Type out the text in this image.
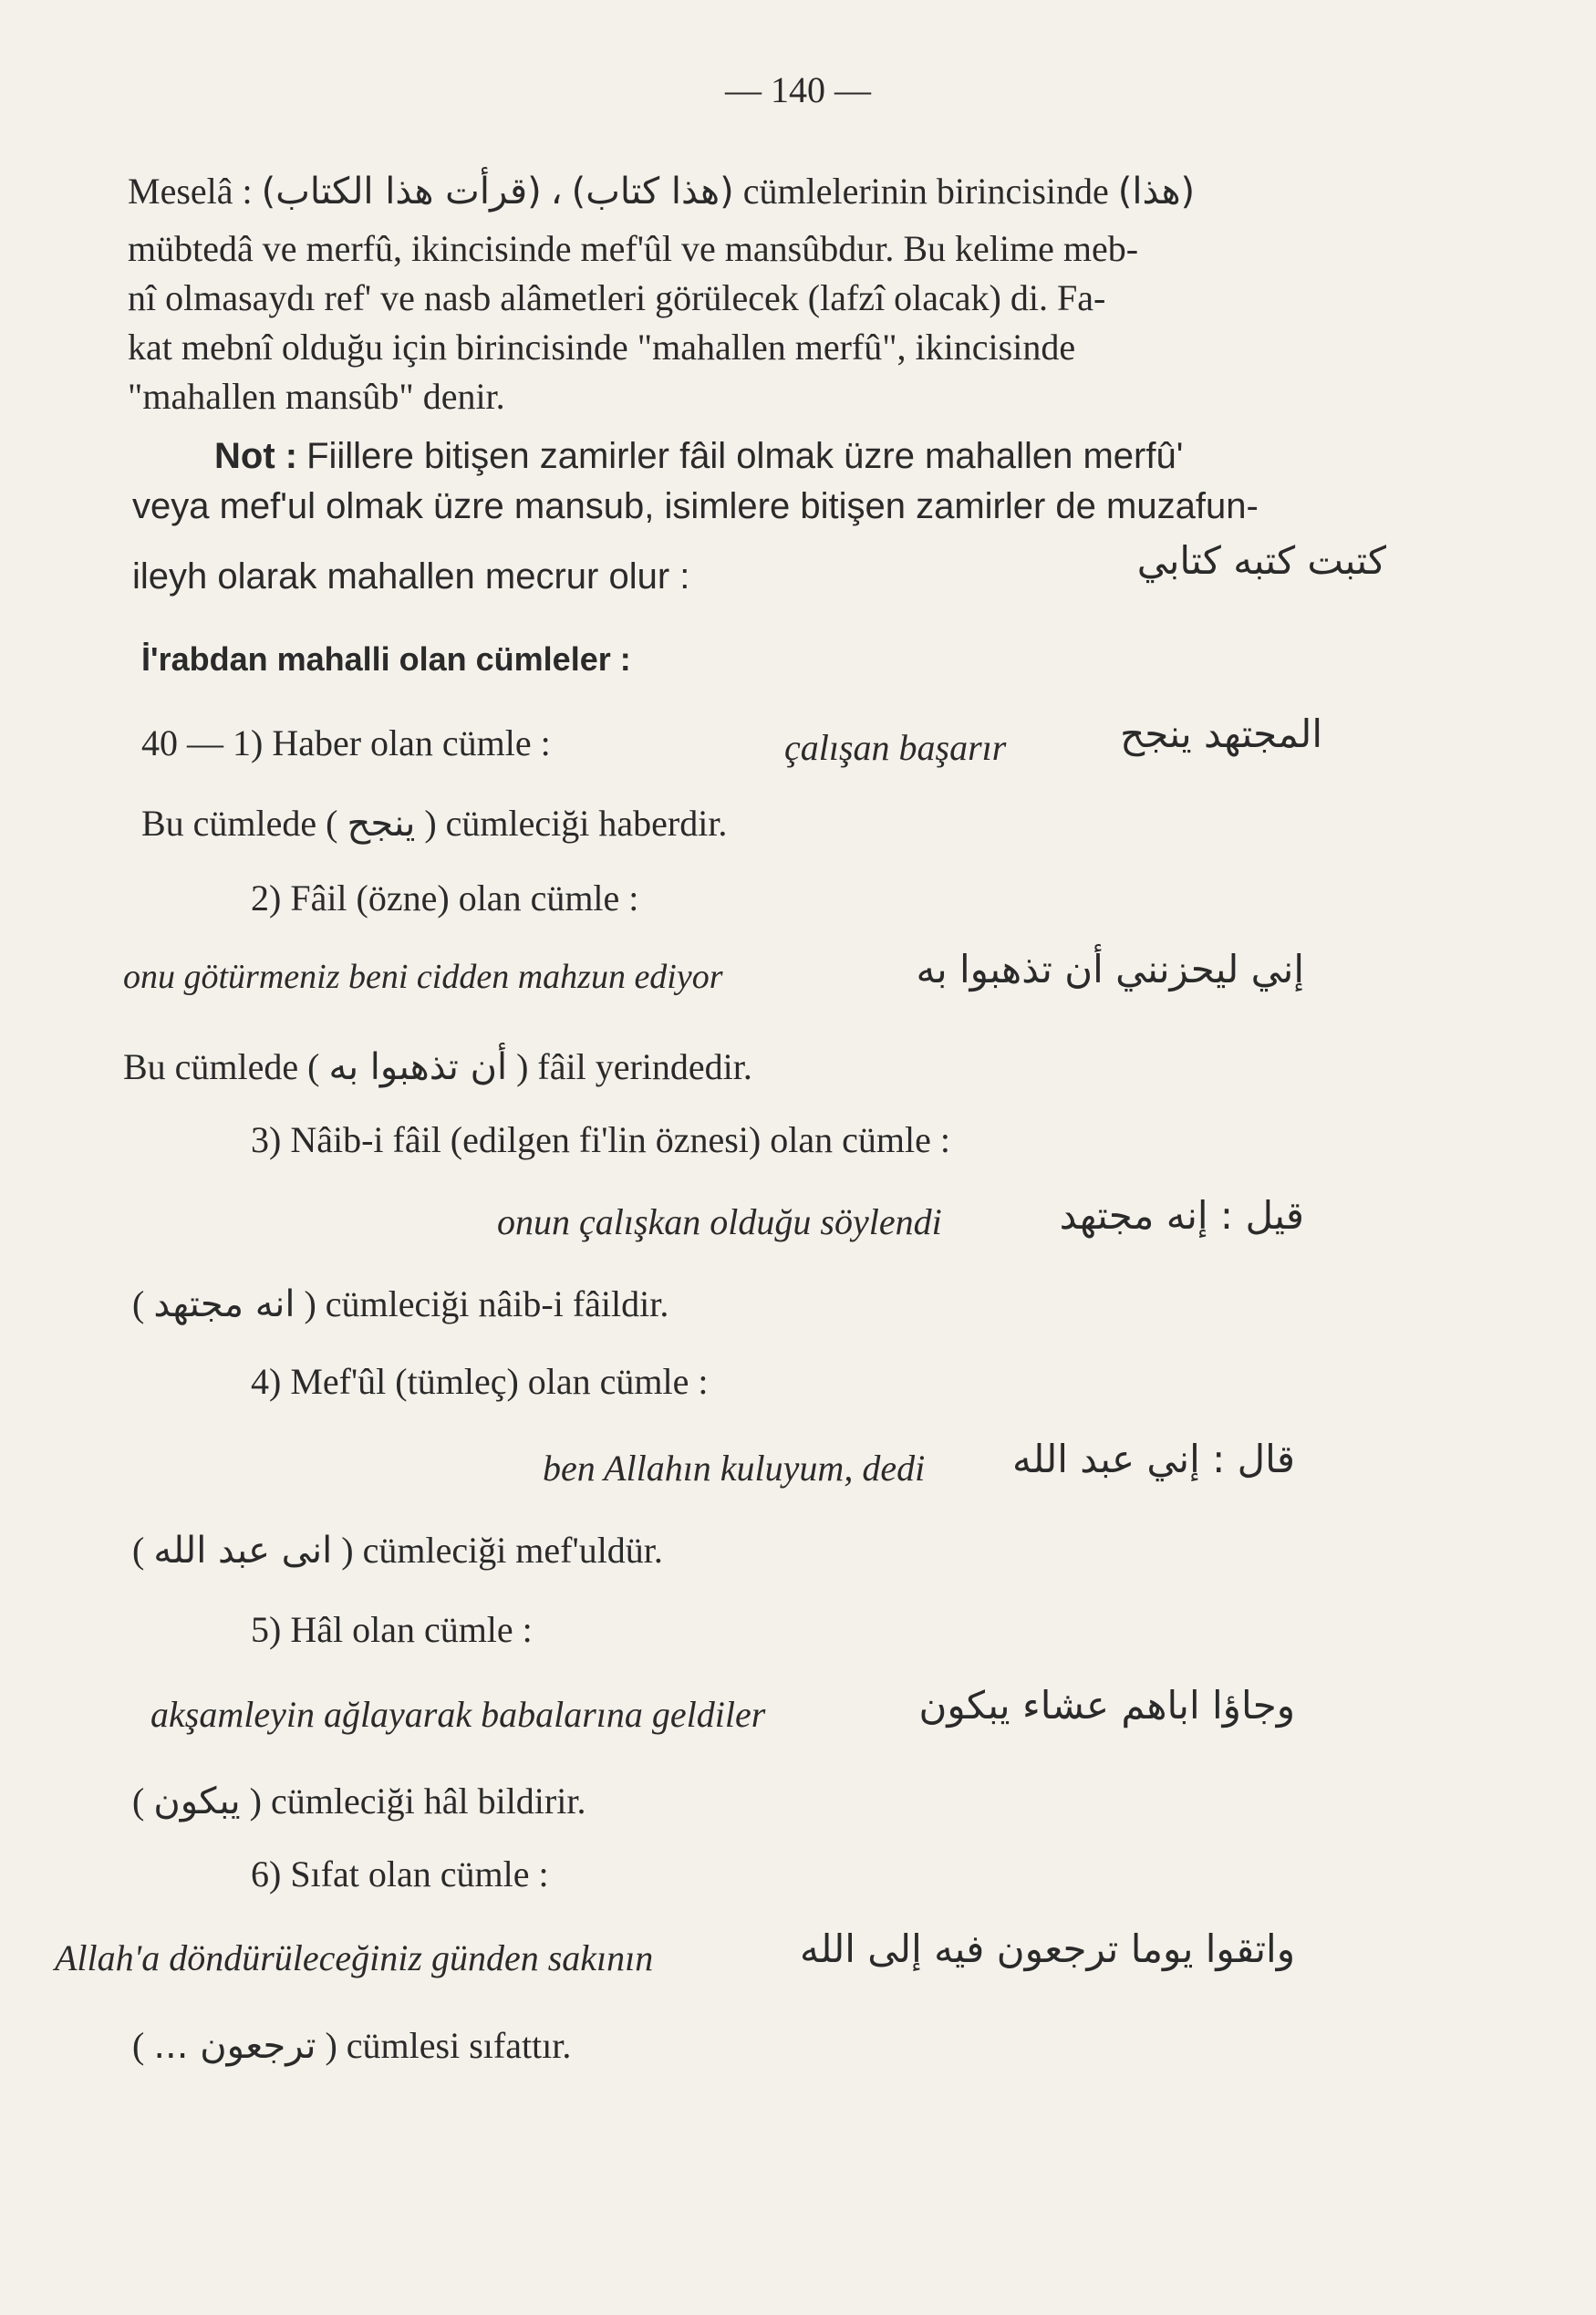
— 140 —
Meselâ : (قرأت هذا الكتاب) ، (هذا كتاب) cümlelerinin birincisinde (هذا)
mübtedâ ve merfû, ikincisinde mef'ûl ve mansûbdur. Bu kelime meb-
nî olmasaydı ref' ve nasb alâmetleri görülecek (lafzî olacak) di. Fa-
kat mebnî olduğu için birincisinde "mahallen merfû", ikincisinde
"mahallen mansûb" denir.
Not : Fiillere bitişen zamirler fâil olmak üzre mahallen merfû'
veya mef'ul olmak üzre mansub, isimlere bitişen zamirler de muzafun-
ileyh olarak mahallen mecrur olur :	كتبت كتبه كتابي
İ'rabdan mahalli olan cümleler :
40 — 1) Haber olan cümle :	çalışan başarır	المجتهد ينجح
Bu cümlede ( ينجح ) cümleciği haberdir.
2) Fâil (özne) olan cümle :
onu götürmeniz beni cidden mahzun ediyor	إني ليحزنني أن تذهبوا به
Bu cümlede ( أن تذهبوا به ) fâil yerindedir.
3) Nâib-i fâil (edilgen fi'lin öznesi) olan cümle :
onun çalışkan olduğu söylendi	قيل : إنه مجتهد
( انه مجتهد ) cümleciği nâib-i fâildir.
4) Mef'ûl (tümleç) olan cümle :
ben Allahın kuluyum, dedi قال : إني عبد الله
( انى عبد الله ) cümleciği mef'uldür.
5) Hâl olan cümle :
akşamleyin ağlayarak babalarına geldiler	وجاؤا اباهم عشاء يبكون
( يبكون ) cümleciği hâl bildirir.
6) Sıfat olan cümle :
Allah'a döndürüleceğiniz günden sakının	واتقوا يوما ترجعون فيه إلى الله
( ترجعون ... ) cümlesi sıfattır.
